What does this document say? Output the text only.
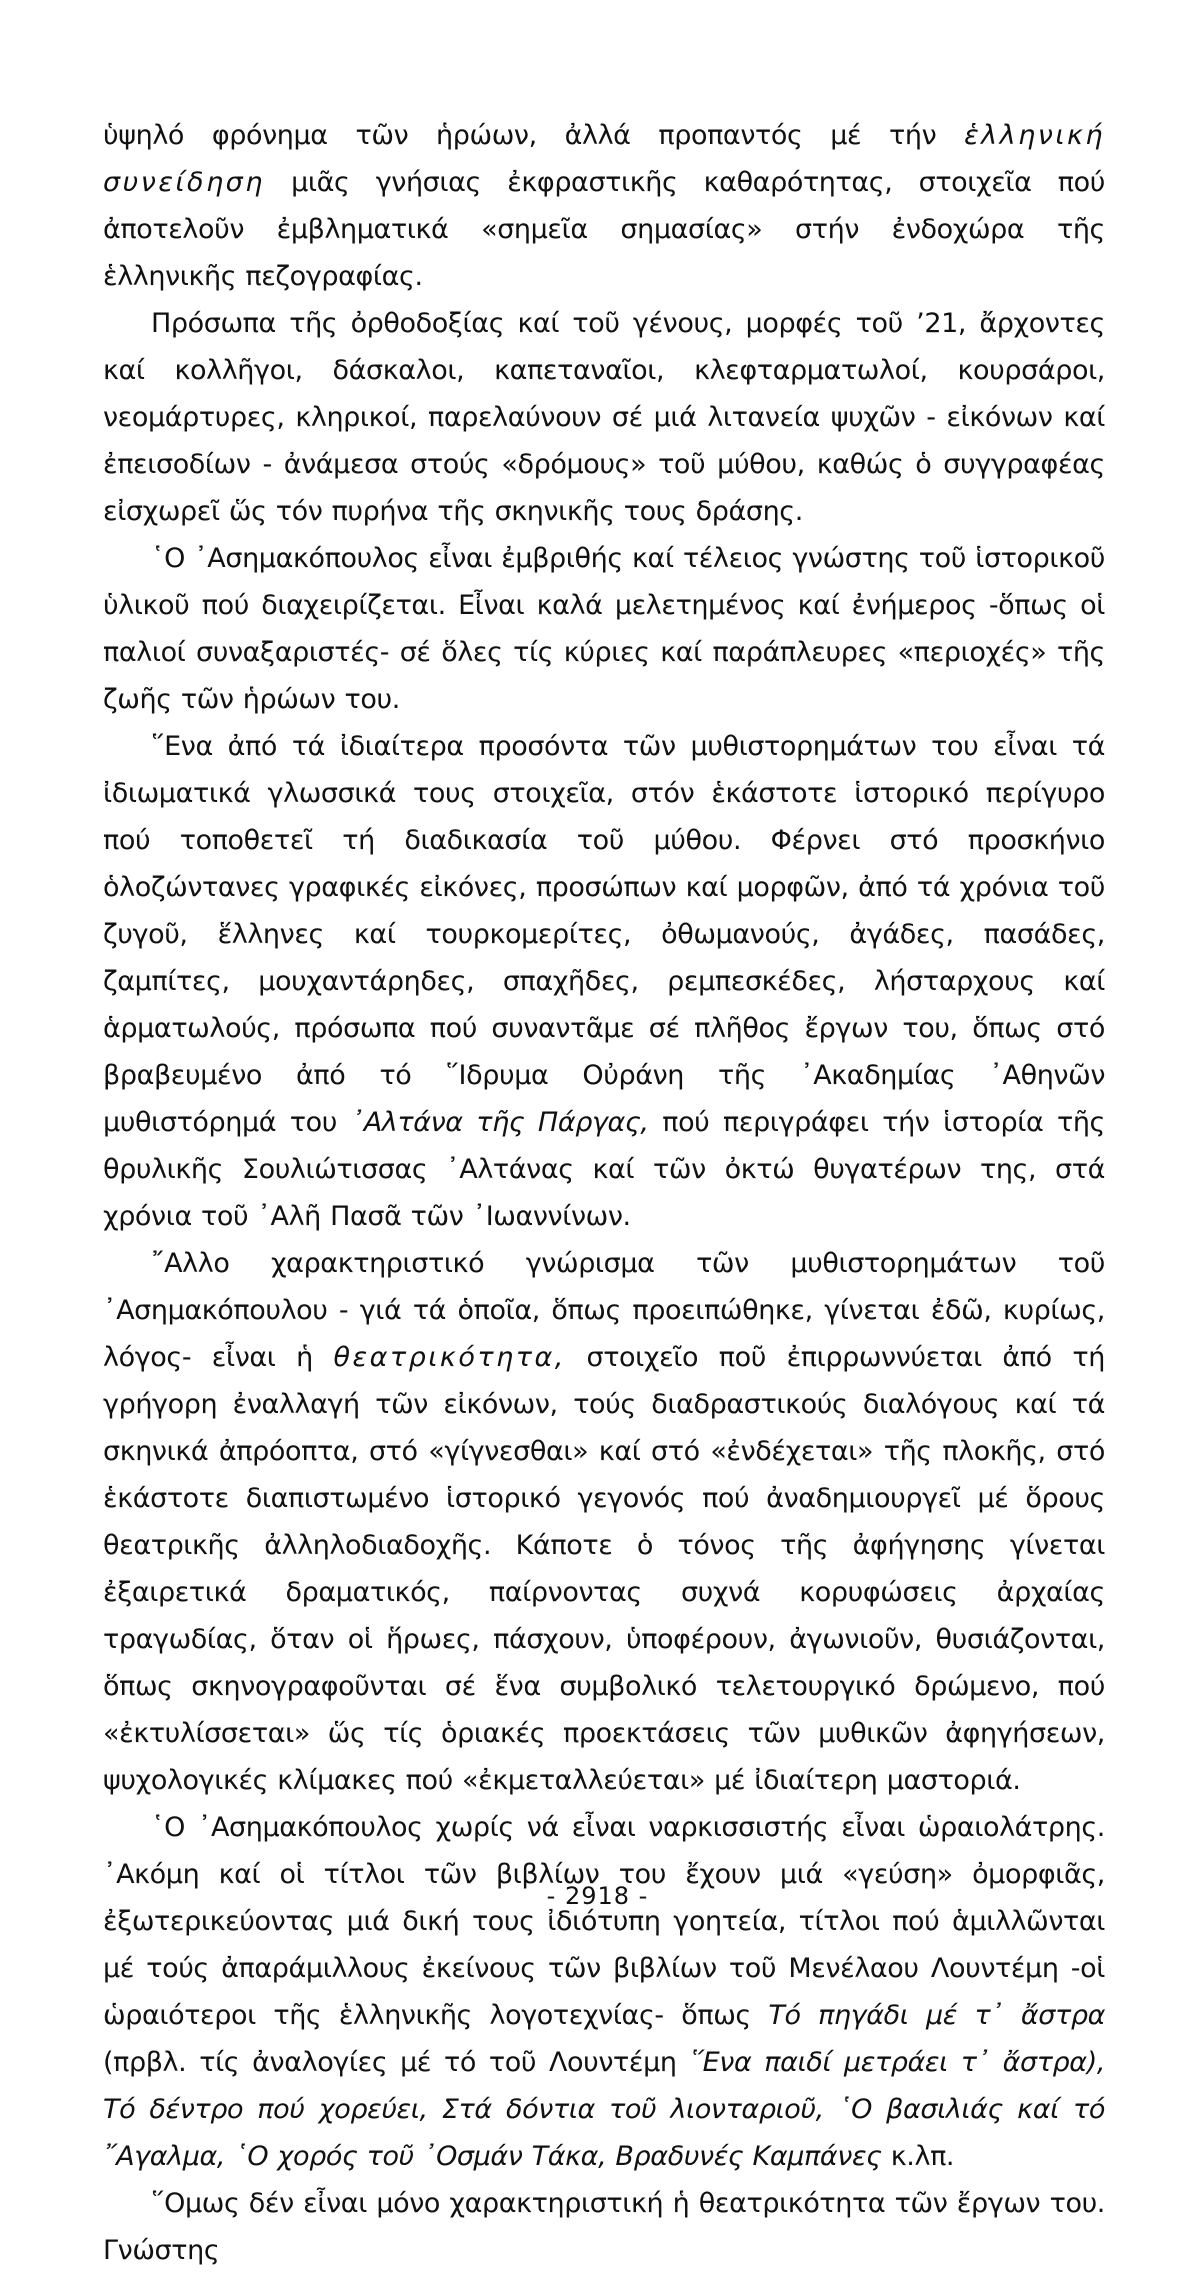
ὑψηλό φρόνημα τῶν ἡρώων, ἀλλά προπαντός μέ τήν ἑλληνική συνείδηση μιᾶς γνήσιας ἐκφραστικῆς καθαρότητας, στοιχεῖα πού ἀποτελοῦν ἐμβληματικά «σημεῖα σημασίας» στήν ἐνδοχώρα τῆς ἑλληνικῆς πεζογραφίας.

Πρόσωπα τῆς ὀρθοδοξίας καί τοῦ γένους, μορφές τοῦ ’21, ἄρχοντες καί κολλῆγοι, δάσκαλοι, καπεταναῖοι, κλεφταρματωλοί, κουρσάροι, νεομάρτυρες, κληρικοί, παρελαύνουν σέ μιά λιτανεία ψυχῶν - εἰκόνων καί ἐπεισοδίων - ἀνάμεσα στούς «δρόμους» τοῦ μύθου, καθώς ὁ συγγραφέας εἰσχωρεῖ ὥς τόν πυρήνα τῆς σκηνικῆς τους δράσης.

῾Ο ᾿Ασημακόπουλος εἶναι ἐμβριθής καί τέλειος γνώστης τοῦ ἱστορικοῦ ὑλικοῦ πού διαχειρίζεται. Εἶναι καλά μελετημένος καί ἐνήμερος -ὅπως οἱ παλιοί συναξαριστές- σέ ὅλες τίς κύριες καί παράπλευρες «περιοχές» τῆς ζωῆς τῶν ἡρώων του.

῞Ενα ἀπό τά ἰδιαίτερα προσόντα τῶν μυθιστορημάτων του εἶναι τά ἰδιωματικά γλωσσικά τους στοιχεῖα, στόν ἑκάστοτε ἱστορικό περίγυρο πού τοποθετεῖ τή διαδικασία τοῦ μύθου. Φέρνει στό προσκήνιο ὁλοζώντανες γραφικές εἰκόνες, προσώπων καί μορφῶν, ἀπό τά χρόνια τοῦ ζυγοῦ, ἕλληνες καί τουρκομερίτες, ὀθωμανούς, ἀγάδες, πασάδες, ζαμπίτες, μουχαντάρηδες, σπαχῆδες, ρεμπεσκέδες, λήσταρχους καί ἁρματωλούς, πρόσωπα πού συναντᾶμε σέ πλῆθος ἔργων του, ὅπως στό βραβευμένο ἀπό τό ῞Ιδρυμα Οὐράνη τῆς ᾿Ακαδημίας ᾿Αθηνῶν μυθιστόρημά του ᾿Αλτάνα τῆς Πάργας, πού περιγράφει τήν ἱστορία τῆς θρυλικῆς Σουλιώτισσας ᾿Αλτάνας καί τῶν ὀκτώ θυγατέρων της, στά χρόνια τοῦ ᾿Αλῆ Πασᾶ τῶν ᾿Ιωαννίνων.

῎Αλλο χαρακτηριστικό γνώρισμα τῶν μυθιστορημάτων τοῦ ᾿Ασημακόπουλου - γιά τά ὁποῖα, ὅπως προειπώθηκε, γίνεται ἐδῶ, κυρίως, λόγος- εἶναι ἡ θεατρικότητα, στοιχεῖο ποῦ ἐπιρρωννύεται ἀπό τή γρήγορη ἐναλλαγή τῶν εἰκόνων, τούς διαδραστικούς διαλόγους καί τά σκηνικά ἀπρόοπτα, στό «γίγνεσθαι» καί στό «ἐνδέχεται» τῆς πλοκῆς, στό ἑκάστοτε διαπιστωμένο ἱστορικό γεγονός πού ἀναδημιουργεῖ μέ ὅρους θεατρικῆς ἀλληλοδιαδοχῆς. Κάποτε ὁ τόνος τῆς ἀφήγησης γίνεται ἐξαιρετικά δραματικός, παίρνοντας συχνά κορυφώσεις ἀρχαίας τραγωδίας, ὅταν οἱ ἥρωες, πάσχουν, ὑποφέρουν, ἀγωνιοῦν, θυσιάζονται, ὅπως σκηνογραφοῦνται σέ ἕνα συμβολικό τελετουργικό δρώμενο, πού «ἐκτυλίσσεται» ὥς τίς ὁριακές προεκτάσεις τῶν μυθικῶν ἀφηγήσεων, ψυχολογικές κλίμακες πού «ἐκμεταλλεύεται» μέ ἰδιαίτερη μαστοριά.

῾Ο ᾿Ασημακόπουλος χωρίς νά εἶναι ναρκισσιστής εἶναι ὡραιολάτρης. ᾿Ακόμη καί οἱ τίτλοι τῶν βιβλίων του ἔχουν μιά «γεύση» ὀμορφιᾶς, ἐξωτερικεύοντας μιά δική τους ἰδιότυπη γοητεία, τίτλοι πού ἁμιλλῶνται μέ τούς ἀπαράμιλλους ἐκείνους τῶν βιβλίων τοῦ Μενέλαου Λουντέμη -οἱ ὡραιότεροι τῆς ἑλληνικῆς λογοτεχνίας- ὅπως Τό πηγάδι μέ τ᾿ ἄστρα (πρβλ. τίς ἀναλογίες μέ τό τοῦ Λουντέμη ῞Ενα παιδί μετράει τ᾿ ἄστρα), Τό δέντρο πού χορεύει, Στά δόντια τοῦ λιονταριοῦ, ῾Ο βασιλιάς καί τό ῎Αγαλμα, ῾Ο χορός τοῦ ᾿Οσμάν Τάκα, Βραδυνές Καμπάνες κ.λπ.

῞Ομως δέν εἶναι μόνο χαρακτηριστική ἡ θεατρικότητα τῶν ἔργων του. Γνώστης

- 2918 -
